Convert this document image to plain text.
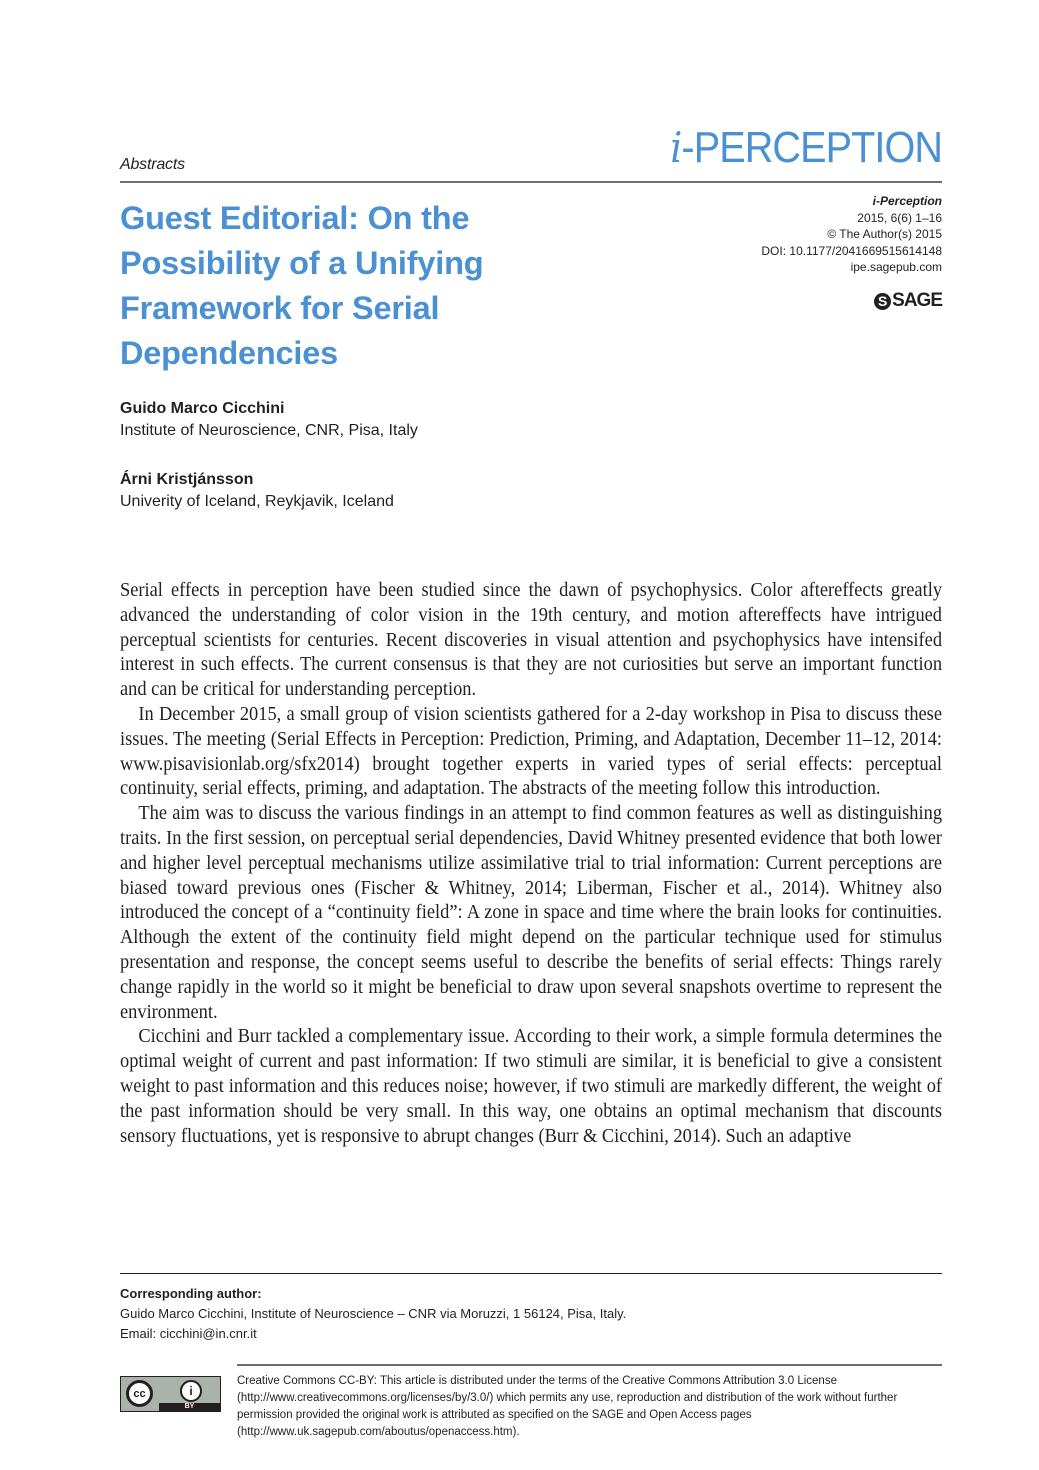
Abstracts	i-PERCEPTION
Guest Editorial: On the Possibility of a Unifying Framework for Serial Dependencies
i-Perception
2015, 6(6) 1–16
© The Author(s) 2015
DOI: 10.1177/2041669515614148
ipe.sagepub.com
S SAGE
Guido Marco Cicchini
Institute of Neuroscience, CNR, Pisa, Italy
Árni Kristjánsson
Univerity of Iceland, Reykjavik, Iceland

Serial effects in perception have been studied since the dawn of psychophysics. Color aftereffects greatly advanced the understanding of color vision in the 19th century, and motion aftereffects have intrigued perceptual scientists for centuries. Recent discoveries in visual attention and psychophysics have intensifed interest in such effects. The current consensus is that they are not curiosities but serve an important function and can be critical for understanding perception.

In December 2015, a small group of vision scientists gathered for a 2-day workshop in Pisa to discuss these issues. The meeting (Serial Effects in Perception: Prediction, Priming, and Adaptation, December 11–12, 2014: www.pisavisionlab.org/sfx2014) brought together experts in varied types of serial effects: perceptual continuity, serial effects, priming, and adaptation. The abstracts of the meeting follow this introduction.

The aim was to discuss the various findings in an attempt to find common features as well as distinguishing traits. In the first session, on perceptual serial dependencies, David Whitney presented evidence that both lower and higher level perceptual mechanisms utilize assimilative trial to trial information: Current perceptions are biased toward previous ones (Fischer & Whitney, 2014; Liberman, Fischer et al., 2014). Whitney also introduced the concept of a “continuity field”: A zone in space and time where the brain looks for continuities. Although the extent of the continuity field might depend on the particular technique used for stimulus presentation and response, the concept seems useful to describe the benefits of serial effects: Things rarely change rapidly in the world so it might be beneficial to draw upon several snapshots overtime to represent the environment.

Cicchini and Burr tackled a complementary issue. According to their work, a simple formula determines the optimal weight of current and past information: If two stimuli are similar, it is beneficial to give a consistent weight to past information and this reduces noise; however, if two stimuli are markedly different, the weight of the past information should be very small. In this way, one obtains an optimal mechanism that discounts sensory fluctuations, yet is responsive to abrupt changes (Burr & Cicchini, 2014). Such an adaptive

Corresponding author:
Guido Marco Cicchini, Institute of Neuroscience – CNR via Moruzzi, 1 56124, Pisa, Italy.
Email: cicchini@in.cnr.it
cc	i
BY
Creative Commons CC-BY: This article is distributed under the terms of the Creative Commons Attribution 3.0 License (http://www.creativecommons.org/licenses/by/3.0/) which permits any use, reproduction and distribution of the work without further permission provided the original work is attributed as specified on the SAGE and Open Access pages (http://www.uk.sagepub.com/aboutus/openaccess.htm).
